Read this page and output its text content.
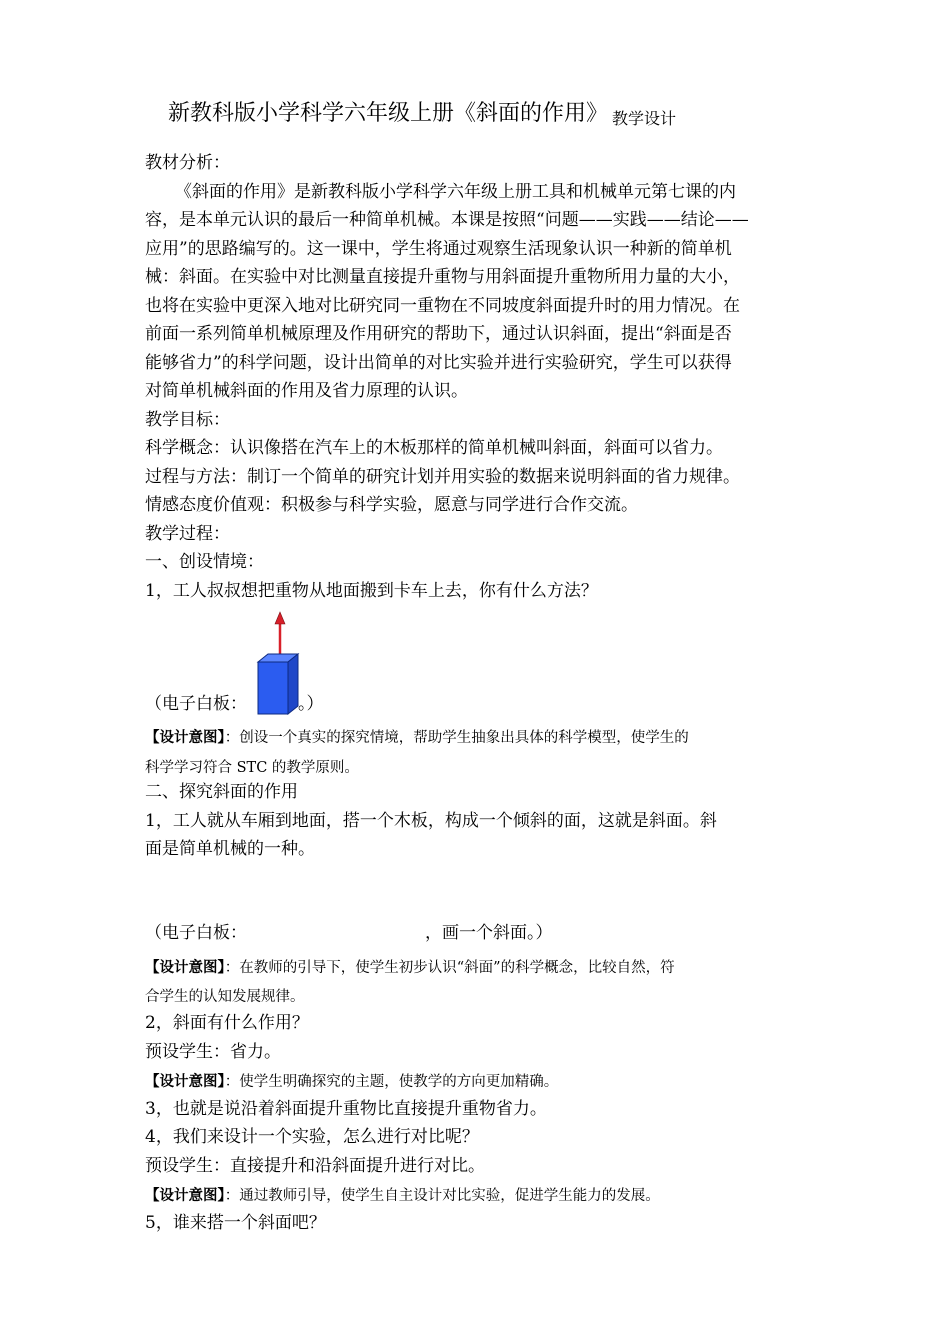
新教科版小学科学六年级上册《斜面的作用》 $_{教学设计}$
教材分析：
《斜面的作用》是新教科版小学科学六年级上册工具和机械单元第七课的内
容，是本单元认识的最后一种简单机械。本课是按照“问题——实践——结论——
应用”的思路编写的。这一课中，学生将通过观察生活现象认识一种新的简单机
械：斜面。在实验中对比测量直接提升重物与用斜面提升重物所用力量的大小，
也将在实验中更深入地对比研究同一重物在不同坡度斜面提升时的用力情况。在
前面一系列简单机械原理及作用研究的帮助下，通过认识斜面，提出“斜面是否
能够省力”的科学问题，设计出简单的对比实验并进行实验研究，学生可以获得
对简单机械斜面的作用及省力原理的认识。
教学目标：
科学概念：认识像搭在汽车上的木板那样的简单机械叫斜面，斜面可以省力。
过程与方法：制订一个简单的研究计划并用实验的数据来说明斜面的省力规律。
情感态度价值观：积极参与科学实验，愿意与同学进行合作交流。
教学过程：
一、创设情境：
1，工人叔叔想把重物从地面搬到卡车上去，你有什么方法？
（电子白板：	。）
【设计意图】：创设一个真实的探究情境，帮助学生抽象出具体的科学模型，使学生的
科学学习符合 STC 的教学原则。
二、探究斜面的作用
1，工人就从车厢到地面，搭一个木板，构成一个倾斜的面，这就是斜面。斜
面是简单机械的一种。
（电子白板：	，画一个斜面。）
【设计意图】：在教师的引导下，使学生初步认识“斜面”的科学概念，比较自然，符
合学生的认知发展规律。
2，斜面有什么作用？
预设学生：省力。
【设计意图】：使学生明确探究的主题，使教学的方向更加精确。
3，也就是说沿着斜面提升重物比直接提升重物省力。
4，我们来设计一个实验，怎么进行对比呢？
预设学生：直接提升和沿斜面提升进行对比。
【设计意图】：通过教师引导，使学生自主设计对比实验，促进学生能力的发展。
5，谁来搭一个斜面吧？
